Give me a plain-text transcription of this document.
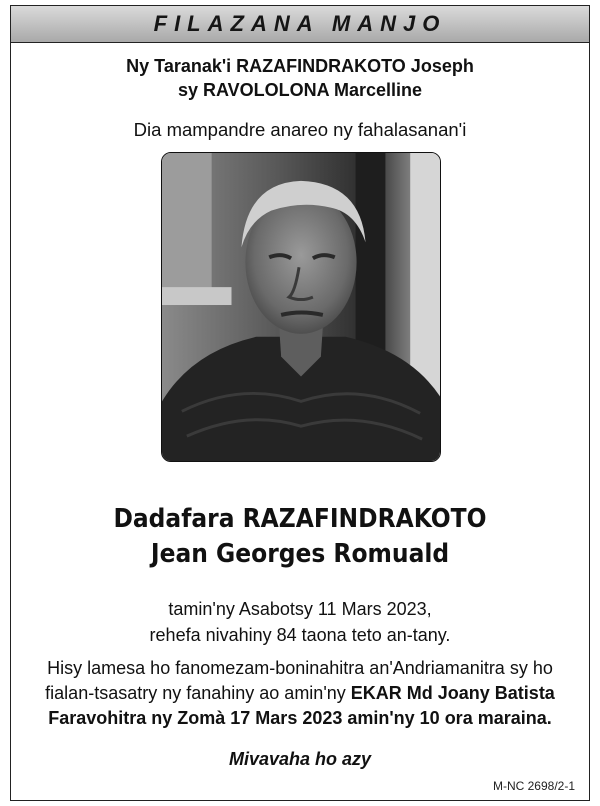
FILAZANA MANJO
Ny Taranak'i RAZAFINDRAKOTO Joseph
sy RAVOLOLONA Marcelline
Dia mampandre anareo ny fahalasanan'i
Dadafara RAZAFINDRAKOTO
Jean Georges Romuald
tamin'ny Asabotsy 11 Mars 2023,
rehefa nivahiny 84 taona teto an-tany.
Hisy lamesa ho fanomezam-boninahitra an'Andriamanitra sy ho
fialan-tsasatry ny fanahiny ao amin'ny EKAR Md Joany Batista
Faravohitra ny Zomà 17 Mars 2023 amin'ny 10 ora maraina.
Mivavaha ho azy
M-NC 2698/2-1
